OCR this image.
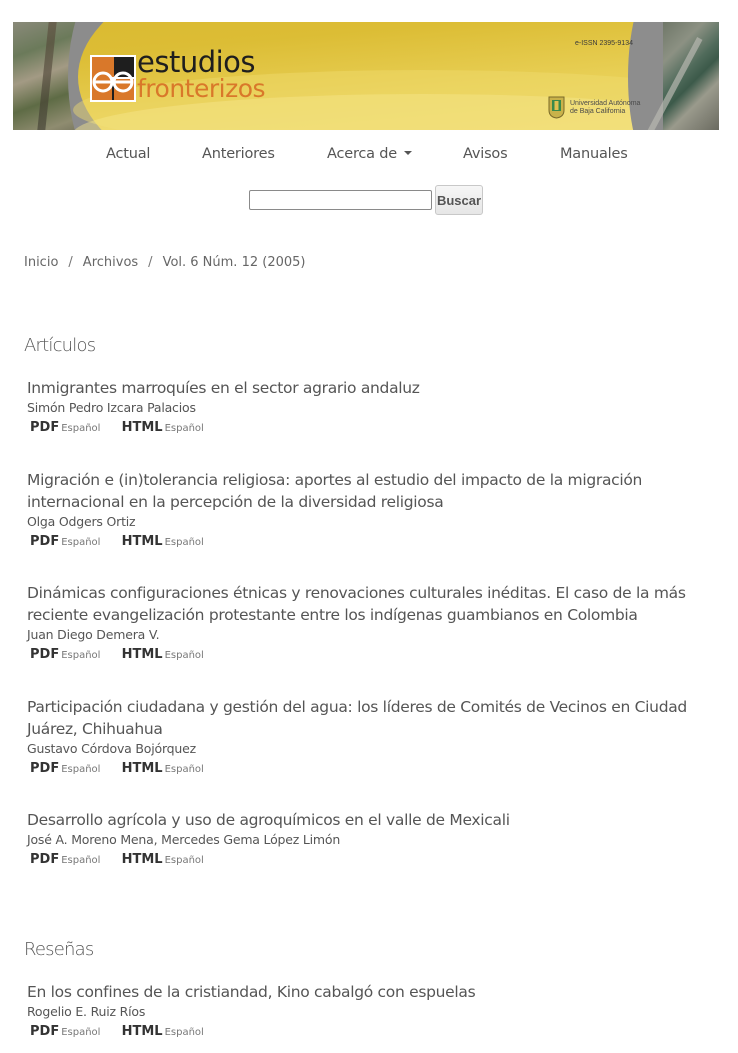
estudios
fronterizos
e-ISSN 2395-9134
Universidad Autónoma
de Baja California
Actual	Anteriores	Acerca de	Avisos	Manuales
Buscar
Inicio / Archivos / Vol. 6 Núm. 12 (2005)
Artículos
Inmigrantes marroquíes en el sector agrario andaluz
Simón Pedro Izcara Palacios
PDF Español HTML Español
Migración e (in)tolerancia religiosa: aportes al estudio del impacto de la migración internacional en la percepción de la diversidad religiosa
Olga Odgers Ortiz
PDF Español HTML Español
Dinámicas configuraciones étnicas y renovaciones culturales inéditas. El caso de la más reciente evangelización protestante entre los indígenas guambianos en Colombia
Juan Diego Demera V.
PDF Español HTML Español
Participación ciudadana y gestión del agua: los líderes de Comités de Vecinos en Ciudad Juárez, Chihuahua
Gustavo Córdova Bojórquez
PDF Español HTML Español
Desarrollo agrícola y uso de agroquímicos en el valle de Mexicali
José A. Moreno Mena, Mercedes Gema López Limón
PDF Español HTML Español
Reseñas
En los confines de la cristiandad, Kino cabalgó con espuelas
Rogelio E. Ruiz Ríos
PDF Español HTML Español
